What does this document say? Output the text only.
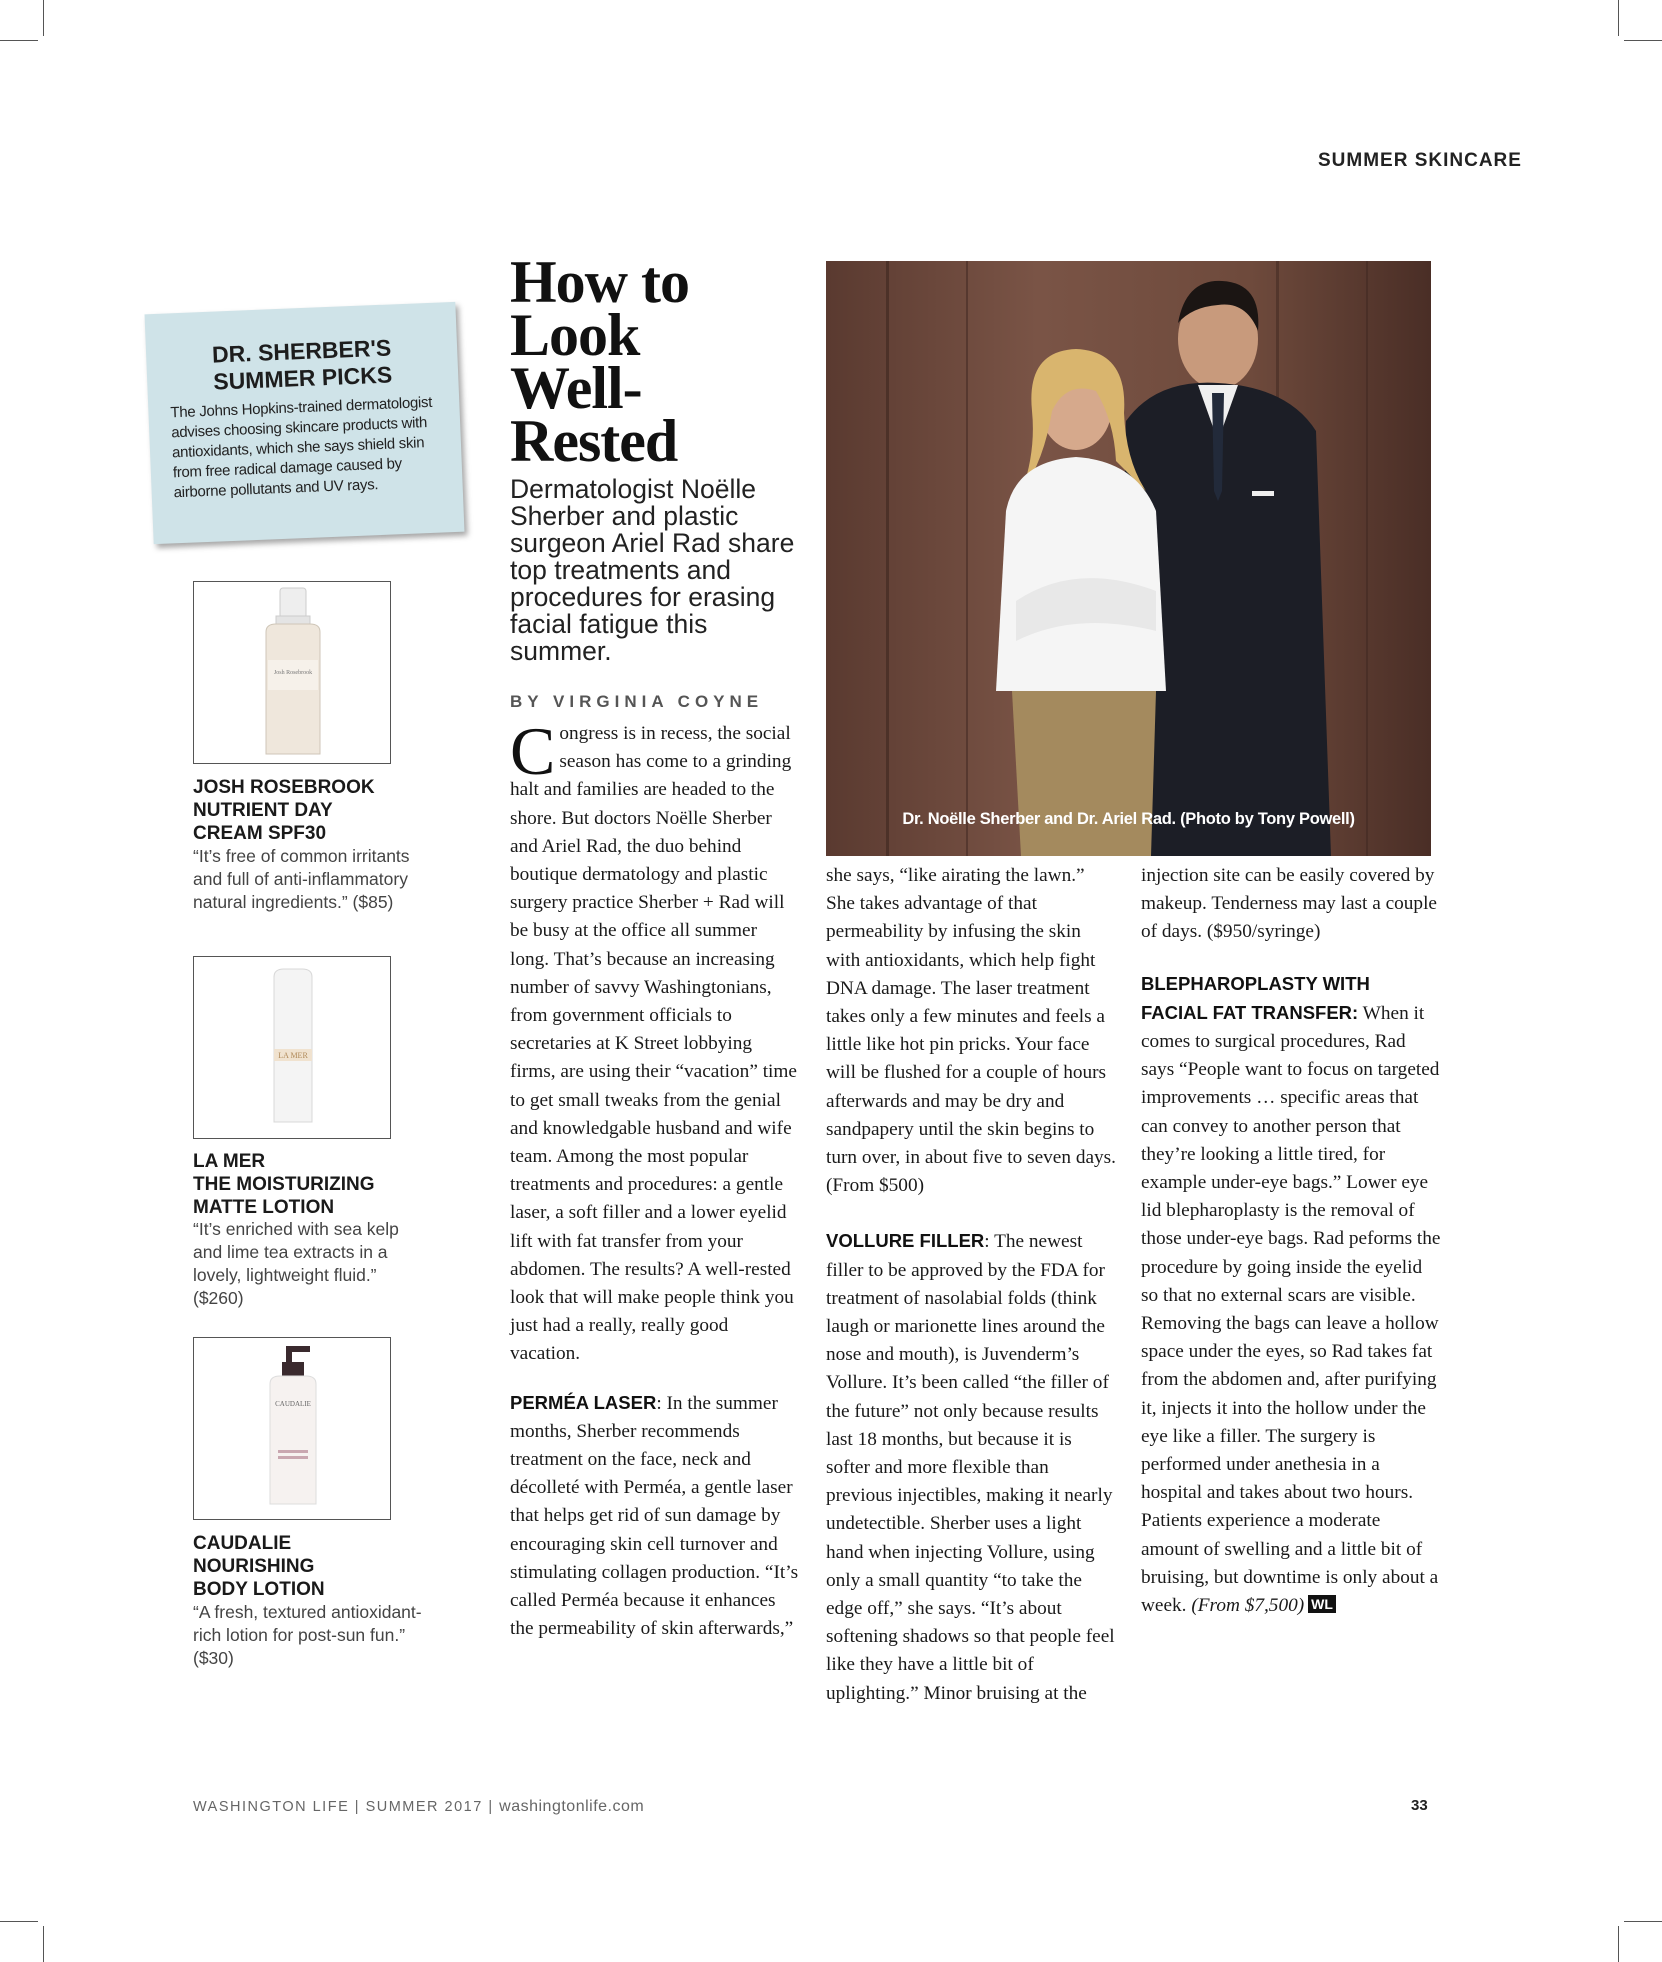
SUMMER SKINCARE
DR. SHERBER'S
SUMMER PICKS
The Johns Hopkins-trained dermatologist advises choosing skincare products with antioxidants, which she says shield skin from free radical damage caused by airborne pollutants and UV rays.
Josh Rosebrook
JOSH ROSEBROOK
NUTRIENT DAY
CREAM SPF30
“It’s free of common irritants and full of anti-inflammatory natural ingredients.” ($85)
LA MER
LA MER
THE MOISTURIZING
MATTE LOTION
“It’s enriched with sea kelp and lime tea extracts in a lovely, lightweight fluid.” ($260)
CAUDALIE
CAUDALIE
NOURISHING
BODY LOTION
“A fresh, textured antioxidant-rich lotion for post-sun fun.” ($30)
How to
Look
Well-
Rested
Dermatologist Noëlle Sherber and plastic surgeon Ariel Rad share top treatments and procedures for erasing facial fatigue this summer.
BY VIRGINIA COYNE

Congress is in recess, the social season has come to a grinding halt and families are headed to the shore. But doctors Noëlle Sherber and Ariel Rad, the duo behind boutique dermatology and plastic surgery practice Sherber + Rad will be busy at the office all summer long. That’s because an increasing number of savvy Washingtonians, from government officials to secretaries at K Street lobbying firms, are using their “vacation” time to get small tweaks from the genial and knowledgable husband and wife team. Among the most popular treatments and procedures: a gentle laser, a soft filler and a lower eyelid lift with fat transfer from your abdomen. The results? A well-rested look that will make people think you just had a really, really good vacation.

PERMÉA LASER: In the summer months, Sherber recommends treatment on the face, neck and décolleté with Perméa, a gentle laser that helps get rid of sun damage by encouraging skin cell turnover and stimulating collagen production. “It’s called Perméa because it enhances the permeability of skin afterwards,”

Dr. Noëlle Sherber and Dr. Ariel Rad. (Photo by Tony Powell)

she says, “like airating the lawn.” She takes advantage of that permeability by infusing the skin with antioxidants, which help fight DNA damage. The laser treatment takes only a few minutes and feels a little like hot pin pricks. Your face will be flushed for a couple of hours afterwards and may be dry and sandpapery until the skin begins to turn over, in about five to seven days. (From $500)

VOLLURE FILLER: The newest filler to be approved by the FDA for treatment of nasolabial folds (think laugh or marionette lines around the nose and mouth), is Juvenderm’s Vollure. It’s been called “the filler of the future” not only because results last 18 months, but because it is softer and more flexible than previous injectibles, making it nearly undetectible. Sherber uses a light hand when injecting Vollure, using only a small quantity “to take the edge off,” she says. “It’s about softening shadows so that people feel like they have a little bit of uplighting.” Minor bruising at the

injection site can be easily covered by makeup. Tenderness may last a couple of days. ($950/syringe)

BLEPHAROPLASTY WITH FACIAL FAT TRANSFER: When it comes to surgical procedures, Rad says “People want to focus on targeted improvements … specific areas that can convey to another person that they’re looking a little tired, for example under-eye bags.” Lower eye lid blepharoplasty is the removal of those under-eye bags. Rad peforms the procedure by going inside the eyelid so that no external scars are visible. Removing the bags can leave a hollow space under the eyes, so Rad takes fat from the abdomen and, after purifying it, injects it into the hollow under the eye like a filler. The surgery is performed under anethesia in a hospital and takes about two hours. Patients experience a moderate amount of swelling and a little bit of bruising, but downtime is only about a week. (From $7,500) WL

WASHINGTON LIFE | SUMMER 2017 | washingtonlife.com	33
